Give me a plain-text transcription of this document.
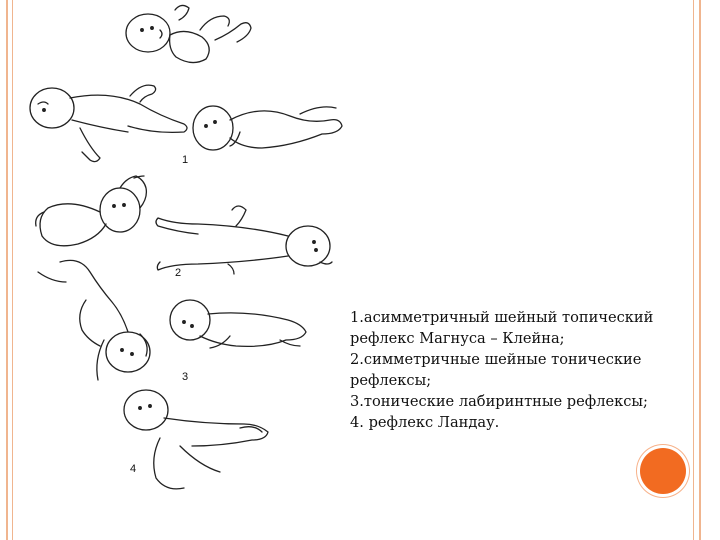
1
2
3
4
1.асимметричный шейный топический
рефлекс Магнуса – Клейна;
2.симметричные шейные тонические
рефлексы;
3.тонические лабиринтные рефлексы;
4. рефлекс Ландау.
